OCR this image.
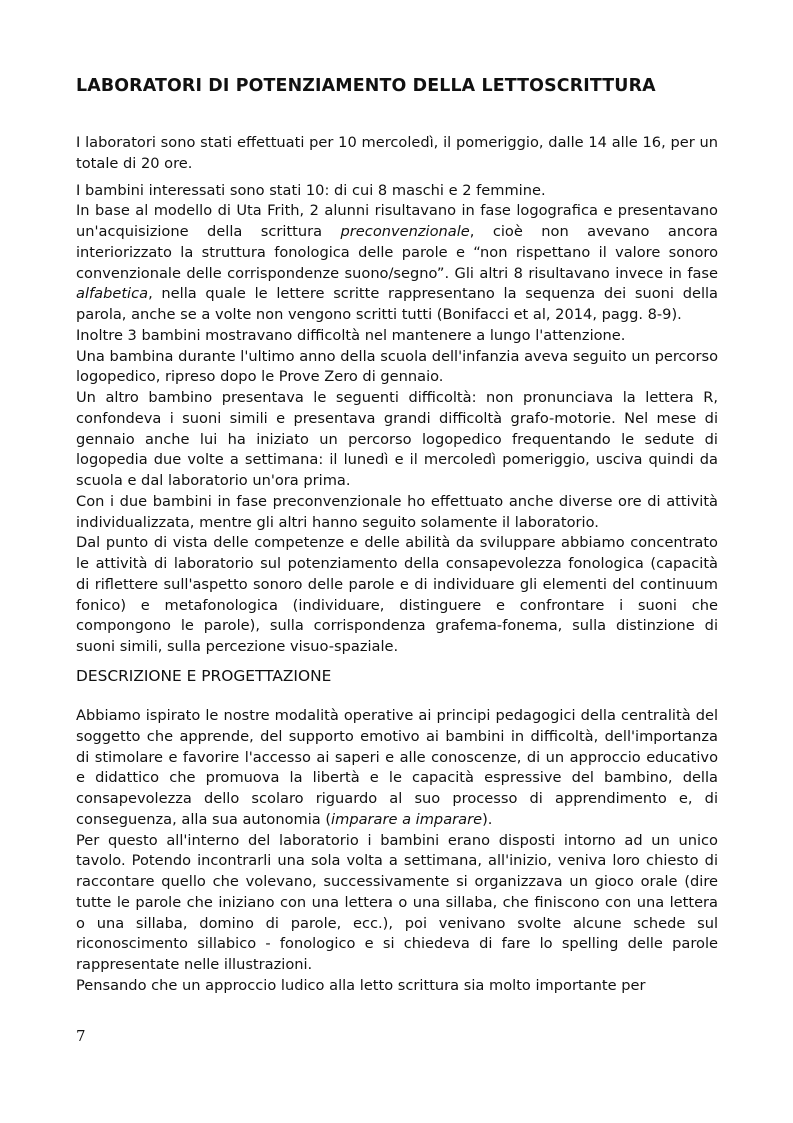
LABORATORI DI POTENZIAMENTO DELLA LETTOSCRITTURA

I laboratori sono stati effettuati per 10 mercoledì, il pomeriggio, dalle 14 alle 16, per un totale di 20 ore.

I bambini interessati sono stati 10: di cui 8 maschi e 2 femmine.

In base al modello di Uta Frith, 2 alunni risultavano in fase logografica e presentavano un'acquisizione della scrittura preconvenzionale, cioè non avevano ancora interiorizzato la struttura fonologica delle parole e “non rispettano il valore sonoro convenzionale delle corrispondenze suono/segno”. Gli altri 8 risultavano invece in fase alfabetica, nella quale le lettere scritte rappresentano la sequenza dei suoni della parola, anche se a volte non vengono scritti tutti (Bonifacci et al, 2014, pagg. 8-9).

Inoltre 3 bambini mostravano difficoltà nel mantenere a lungo l'attenzione.

Una bambina durante l'ultimo anno della scuola dell'infanzia aveva seguito un percorso logopedico, ripreso dopo le Prove Zero di gennaio.

Un altro bambino presentava le seguenti difficoltà: non pronunciava la lettera R, confondeva i suoni simili e presentava grandi difficoltà grafo-motorie. Nel mese di gennaio anche lui ha iniziato un percorso logopedico frequentando le sedute di logopedia due volte a settimana: il lunedì e il mercoledì pomeriggio, usciva quindi da scuola e dal laboratorio un'ora prima.

Con i due bambini in fase preconvenzionale ho effettuato anche diverse ore di attività individualizzata, mentre gli altri hanno seguito solamente il laboratorio.

Dal punto di vista delle competenze e delle abilità da sviluppare abbiamo concentrato le attività di laboratorio sul potenziamento della consapevolezza fonologica (capacità di riflettere sull'aspetto sonoro delle parole e di individuare gli elementi del continuum fonico) e metafonologica (individuare, distinguere e confrontare i suoni che compongono le parole), sulla corrispondenza grafema-fonema, sulla distinzione di suoni simili, sulla percezione visuo-spaziale.

DESCRIZIONE E PROGETTAZIONE

Abbiamo ispirato le nostre modalità operative ai principi pedagogici della centralità del soggetto che apprende, del supporto emotivo ai bambini in difficoltà, dell'importanza di stimolare e favorire l'accesso ai saperi e alle conoscenze, di un approccio educativo e didattico che promuova la libertà e le capacità espressive del bambino, della consapevolezza dello scolaro riguardo al suo processo di apprendimento e, di conseguenza, alla sua autonomia (imparare a imparare).

Per questo all'interno del laboratorio i bambini erano disposti intorno ad un unico tavolo. Potendo incontrarli una sola volta a settimana, all'inizio, veniva loro chiesto di raccontare quello che volevano, successivamente si organizzava un gioco orale (dire tutte le parole che iniziano con una lettera o una sillaba, che finiscono con una lettera o una sillaba, domino di parole, ecc.), poi venivano svolte alcune schede sul riconoscimento sillabico - fonologico e si chiedeva di fare lo spelling delle parole rappresentate nelle illustrazioni.

Pensando che un approccio ludico alla letto scrittura sia molto importante per

7
